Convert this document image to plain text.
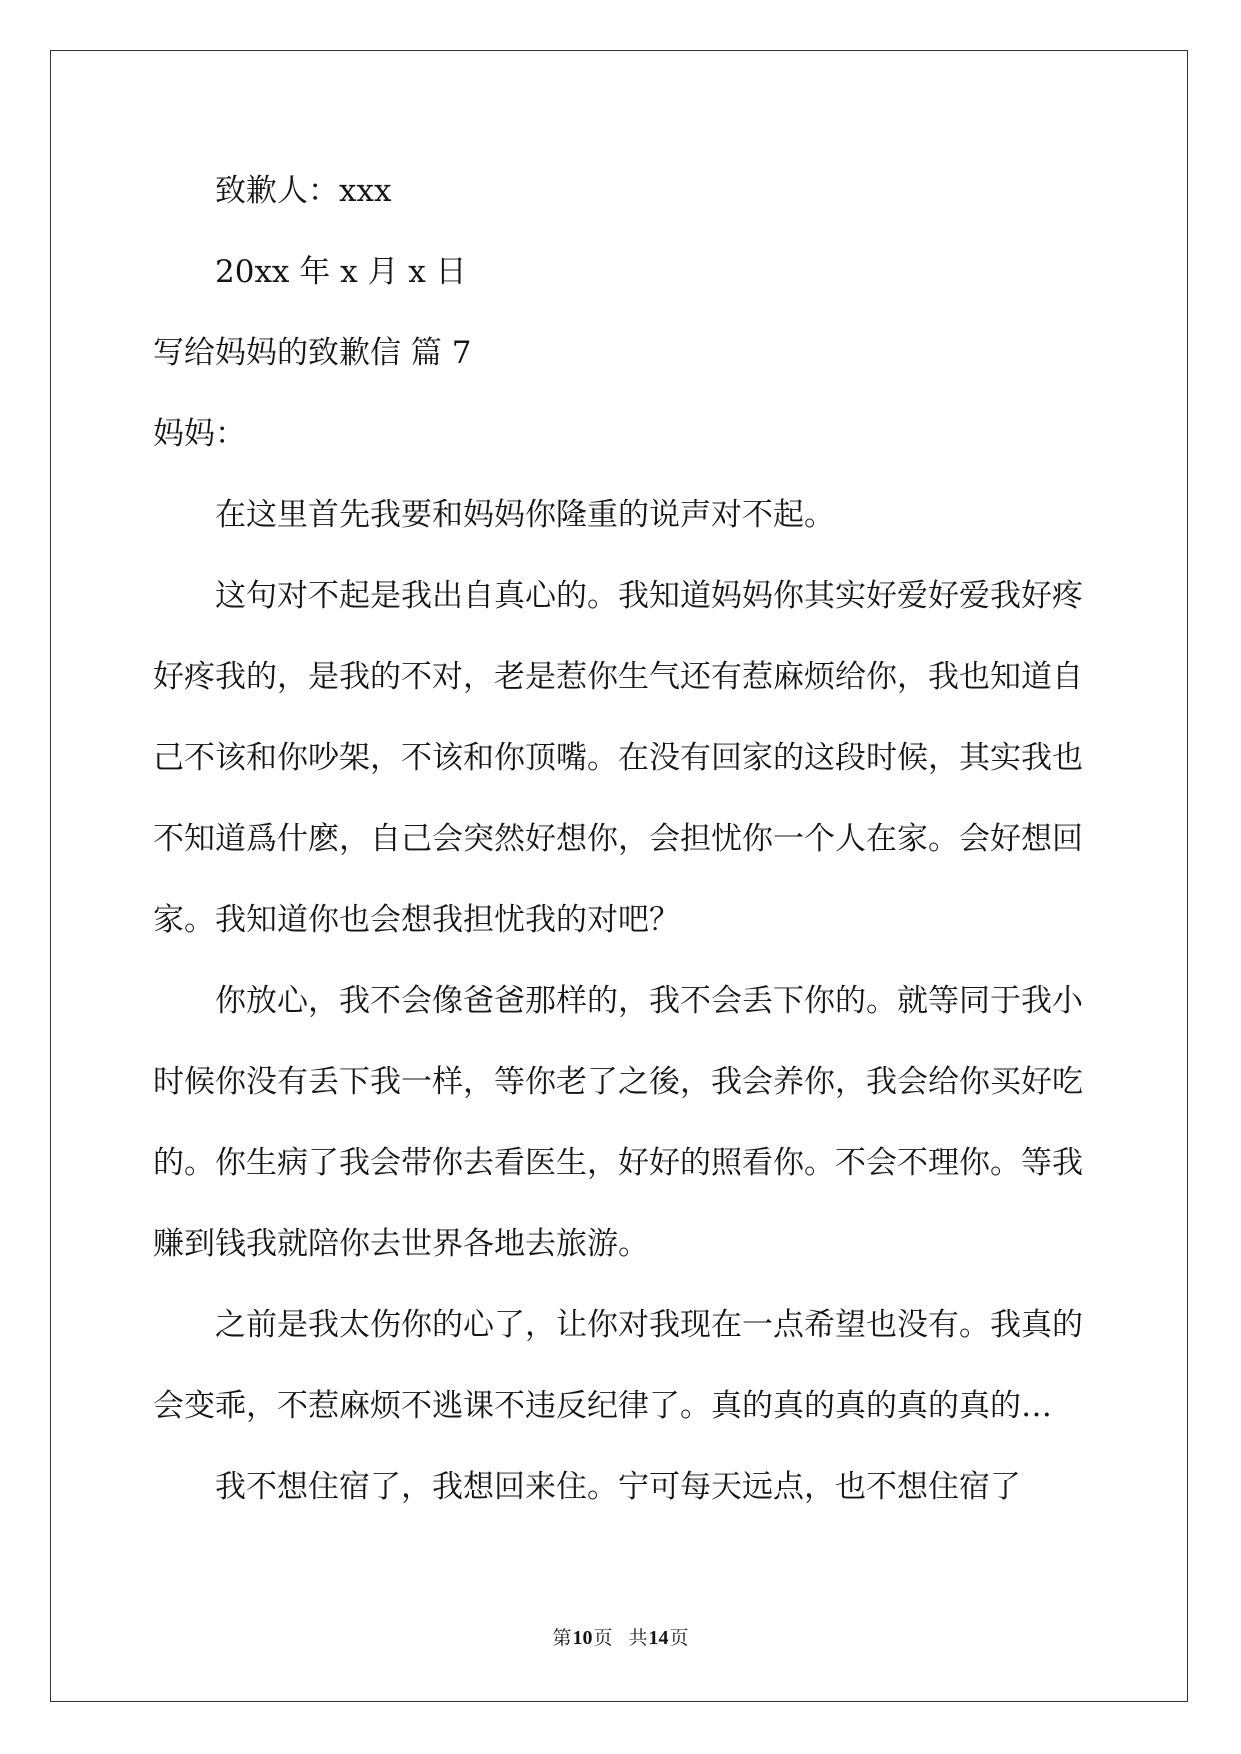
致歉人：xxx
20xx 年 x 月 x 日
写给妈妈的致歉信 篇 7
妈妈：
在这里首先我要和妈妈你隆重的说声对不起。
这句对不起是我出自真心的。我知道妈妈你其实好爱好爱我好疼
好疼我的，是我的不对，老是惹你生气还有惹麻烦给你，我也知道自
己不该和你吵架，不该和你顶嘴。在没有回家的这段时候，其实我也
不知道爲什麽，自己会突然好想你，会担忧你一个人在家。会好想回
家。我知道你也会想我担忧我的对吧？
你放心，我不会像爸爸那样的，我不会丢下你的。就等同于我小
时候你没有丢下我一样，等你老了之後，我会养你，我会给你买好吃
的。你生病了我会带你去看医生，好好的照看你。不会不理你。等我
赚到钱我就陪你去世界各地去旅游。
之前是我太伤你的心了，让你对我现在一点希望也没有。我真的
会变乖，不惹麻烦不逃课不违反纪律了。真的真的真的真的真的…
我不想住宿了，我想回来住。宁可每天远点，也不想住宿了
第10页 共14页
